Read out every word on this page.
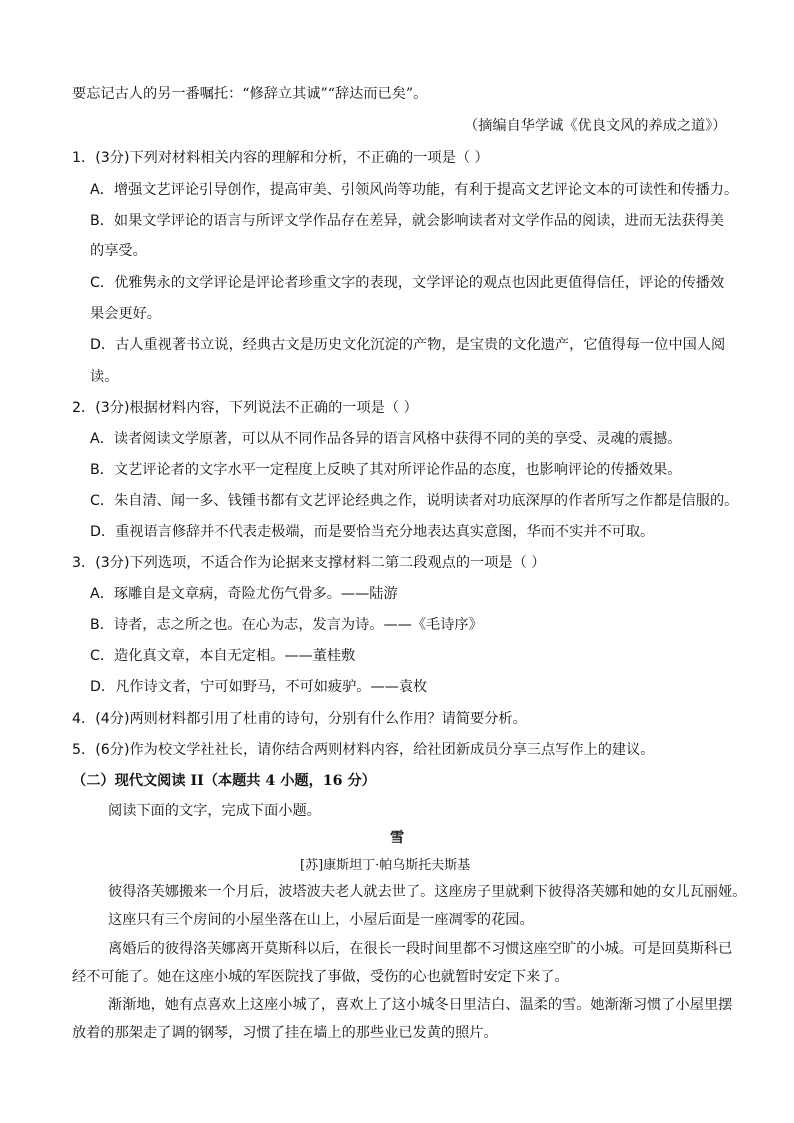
要忘记古人的另一番嘱托：“修辞立其诚”“辞达而已矣”。
（摘编自华学诚《优良文风的养成之道》）
1．(3分)下列对材料相关内容的理解和分析，不正确的一项是（ ）
A．增强文艺评论引导创作，提高审美、引领风尚等功能，有利于提高文艺评论文本的可读性和传播力。
B．如果文学评论的语言与所评文学作品存在差异，就会影响读者对文学作品的阅读，进而无法获得美
的享受。
C．优雅隽永的文学评论是评论者珍重文字的表现，文学评论的观点也因此更值得信任，评论的传播效
果会更好。
D．古人重视著书立说，经典古文是历史文化沉淀的产物，是宝贵的文化遗产，它值得每一位中国人阅
读。
2．(3分)根据材料内容，下列说法不正确的一项是（ ）
A．读者阅读文学原著，可以从不同作品各异的语言风格中获得不同的美的享受、灵魂的震撼。
B．文艺评论者的文字水平一定程度上反映了其对所评论作品的态度，也影响评论的传播效果。
C．朱自清、闻一多、钱锺书都有文艺评论经典之作，说明读者对功底深厚的作者所写之作都是信服的。
D．重视语言修辞并不代表走极端，而是要恰当充分地表达真实意图，华而不实并不可取。
3．(3分)下列选项，不适合作为论据来支撑材料二第二段观点的一项是（ ）
A．琢雕自是文章病，奇险尤伤气骨多。——陆游
B．诗者，志之所之也。在心为志，发言为诗。——《毛诗序》
C．造化真文章，本自无定相。——董桂敷
D．凡作诗文者，宁可如野马，不可如疲驴。——袁枚
4．(4分)两则材料都引用了杜甫的诗句，分别有什么作用？请简要分析。
5．(6分)作为校文学社社长，请你结合两则材料内容，给社团新成员分享三点写作上的建议。
（二）现代文阅读 II（本题共 4 小题，16 分）
阅读下面的文字，完成下面小题。
雪
[苏]康斯坦丁·帕乌斯托夫斯基
彼得洛芙娜搬来一个月后，波塔波夫老人就去世了。这座房子里就剩下彼得洛芙娜和她的女儿瓦丽娅。
这座只有三个房间的小屋坐落在山上，小屋后面是一座凋零的花园。
离婚后的彼得洛芙娜离开莫斯科以后，在很长一段时间里都不习惯这座空旷的小城。可是回莫斯科已
经不可能了。她在这座小城的军医院找了事做，受伤的心也就暂时安定下来了。
渐渐地，她有点喜欢上这座小城了，喜欢上了这小城冬日里洁白、温柔的雪。她渐渐习惯了小屋里摆
放着的那架走了调的钢琴，习惯了挂在墙上的那些业已发黄的照片。
